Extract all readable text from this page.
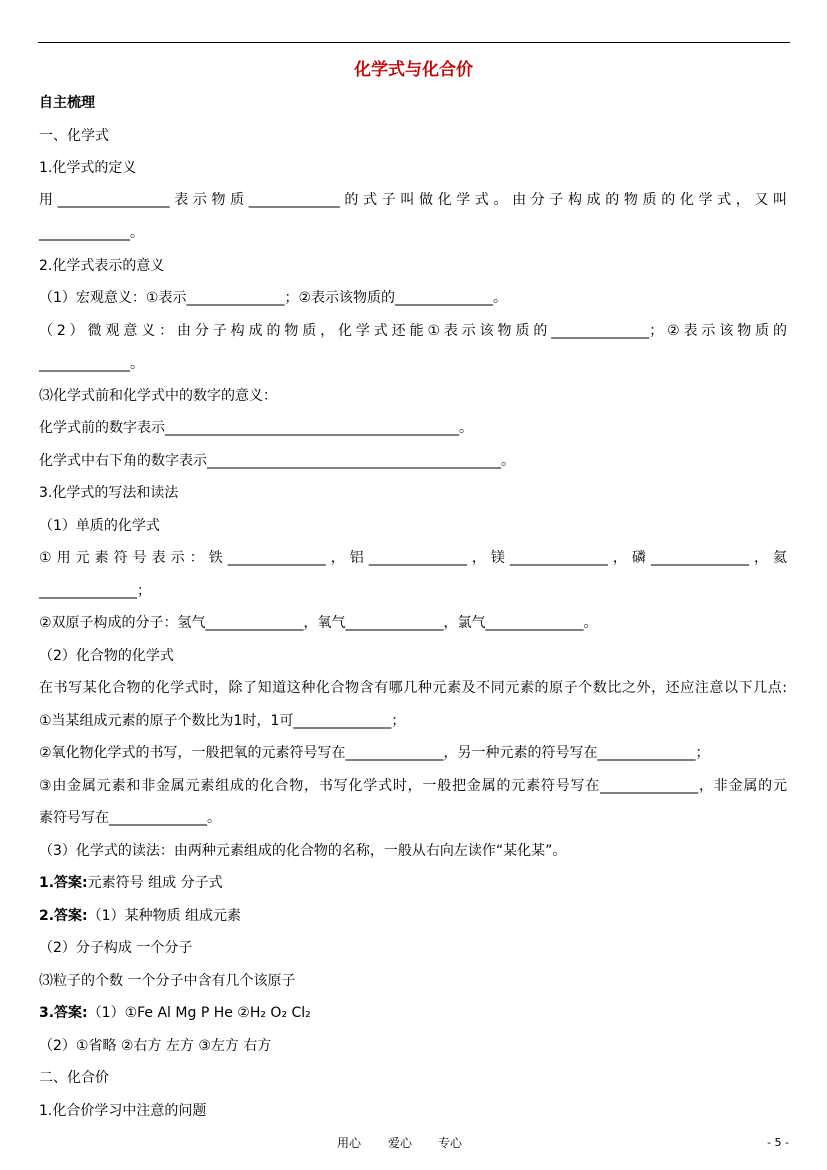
化学式与化合价
自主梳理
一、化学式
1.化学式的定义
用________________表示物质_____________的式子叫做化学式。由分子构成的物质的化学式，又叫
_____________。
2.化学式表示的意义
（1）宏观意义：①表示______________；②表示该物质的______________。
（2）微观意义：由分子构成的物质，化学式还能①表示该物质的______________；②表示该物质的
_____________。
⑶化学式前和化学式中的数字的意义：
化学式前的数字表示__________________________________________。
化学式中右下角的数字表示__________________________________________。
3.化学式的写法和读法
（1）单质的化学式
①用元素符号表示：铁______________，铝______________，镁______________，磷______________，氦
______________；
②双原子构成的分子：氢气______________，氧气______________，氯气______________。
（2）化合物的化学式
在书写某化合物的化学式时，除了知道这种化合物含有哪几种元素及不同元素的原子个数比之外，还应注意以下几点:
①当某组成元素的原子个数比为1时，1可______________；
②氧化物化学式的书写，一般把氧的元素符号写在______________，另一种元素的符号写在______________；
③由金属元素和非金属元素组成的化合物，书写化学式时，一般把金属的元素符号写在______________，非金属的元
素符号写在______________。
（3）化学式的读法：由两种元素组成的化合物的名称，一般从右向左读作“某化某”。
1.答案:元素符号 组成 分子式
2.答案:（1）某种物质 组成元素
（2）分子构成 一个分子
⑶粒子的个数 一个分子中含有几个该原子
3.答案:（1）①Fe Al Mg P He ②H₂ O₂ Cl₂
（2）①省略 ②右方 左方 ③左方 右方
二、化合价
1.化合价学习中注意的问题
用心 爱心 专心	- 5 -
